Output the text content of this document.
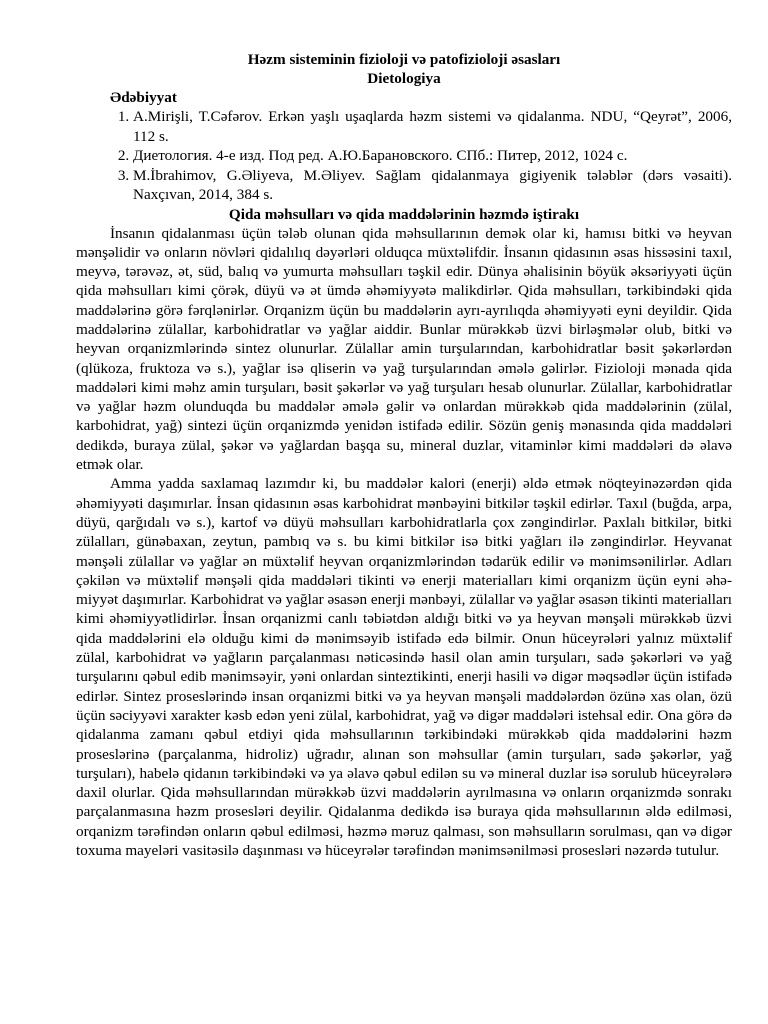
Həzm sisteminin fizioloji və patofizioloji əsasları

Dietologiya

Ədəbiyyat

1. A.Mirişli, T.Cəfərov. Erkən yaşlı uşaqlarda həzm sistemi və qidalanma. NDU, “Qeyrət”, 2006, 112 s.
2. Диетология. 4-е изд. Под ред. А.Ю.Барановского. СПб.: Питер, 2012, 1024 с.
3. M.İbrahimov, G.Əliyeva, M.Əliyev. Sağlam qidalanmaya gigiyenik tələblər (dərs vəsaiti). Naxçıvan, 2014, 384 s.

Qida məhsulları və qida maddələrinin həzmdə iştirakı

İnsanın qidalanması üçün tələb olunan qida məhsullarının demək olar ki, hamısı bitki və heyvan mənşəlidir və onların növləri qidalılıq dəyərləri olduqca müxtəlifdir. İnsanın qidasının əsas hissəsini taxıl, meyvə, tərəvəz, ət, süd, balıq və yumurta məhsulları təşkil edir. Dünya əhalisinin böyük əksəriyyəti üçün qida məhsulları kimi çörək, düyü və ət ümdə əhəmiyyətə malikdirlər. Qida məhsulları, tərkibindəki qida maddələrinə görə fərqlənirlər. Orqanizm üçün bu maddələrin ayrı-ayrılıqda əhəmiyyəti eyni deyildir. Qida maddələrinə zülallar, karbohidratlar və yağlar aiddir. Bunlar mürəkkəb üzvi birləşmələr olub, bitki və heyvan orqanizmlərində sintez olunurlar. Zülallar amin turşularından, karbohidratlar bəsit şəkərlərdən (qlükoza, fruktoza və s.), yağlar isə qliserin və yağ turşularından əmələ gəlirlər. Fizioloji mənada qida maddələri kimi məhz amin turşuları, bəsit şəkərlər və yağ turşuları hesab olunurlar. Zülallar, karbohidratlar və yağlar həzm olunduqda bu maddələr əmələ gəlir və onlardan mürəkkəb qida maddələrinin (zülal, karbohidrat, yağ) sintezi üçün orqanizmdə yenidən istifadə edilir. Sözün geniş mənasında qida maddələri dedikdə, buraya zülal, şəkər və yağlardan başqa su, mineral duzlar, vitaminlər kimi maddələri də əlavə etmək olar.

Amma yadda saxlamaq lazımdır ki, bu maddələr kalori (enerji) əldə etmək nöqteyinəzərdən qida əhəmiyyəti daşımırlar. İnsan qidasının əsas karbohidrat mənbəyini bitkilər təşkil edirlər. Taxıl (buğda, arpa, düyü, qarğıdalı və s.), kartof və düyü məhsulları karbohidratlarla çox zəngindirlər. Paxlalı bitkilər, bitki zülalları, günəbaxan, zeytun, pambıq və s. bu kimi bitkilər isə bitki yağları ilə zəngindirlər. Heyvanat mənşəli zülallar və yağlar ən müxtəlif heyvan orqanizmlərindən tədarük edilir və mənimsənilirlər. Adları çəkilən və müxtəlif mənşəli qida maddələri tikinti və enerji materialları kimi orqanizm üçün eyni əhəmiyyət daşımırlar. Karbohidrat və yağlar əsasən enerji mənbəyi, zülallar və yağlar əsasən tikinti materialları kimi əhəmiyyətlidirlər. İnsan orqanizmi canlı təbiətdən aldığı bitki və ya heyvan mənşəli mürəkkəb üzvi qida maddələrini elə olduğu kimi də mənimsəyib istifadə edə bilmir. Onun hüceyrələri yalnız müxtəlif zülal, karbohidrat və yağların parçalanması nəticəsində hasil olan amin turşuları, sadə şəkərləri və yağ turşularını qəbul edib mənimsəyir, yəni onlardan sinteztikinti, enerji hasili və digər məqsədlər üçün istifadə edirlər. Sintez proseslərində insan orqanizmi bitki və ya heyvan mənşəli maddələrdən özünə xas olan, özü üçün səciyyəvi xarakter kəsb edən yeni zülal, karbohidrat, yağ və digər maddələri istehsal edir. Ona görə də qidalanma zamanı qəbul etdiyi qida məhsullarının tərkibindəki mürəkkəb qida maddələrini həzm proseslərinə (parçalanma, hidroliz) uğradır, alınan son məhsullar (amin turşuları, sadə şəkərlər, yağ turşuları), habelə qidanın tərkibindəki və ya əlavə qəbul edilən su və mineral duzlar isə sorulub hüceyrələrə daxil olurlar. Qida məhsullarından mürəkkəb üzvi maddələrin ayrılmasına və onların orqanizmdə sonrakı parçalanmasına həzm prosesləri deyilir. Qidalanma dedikdə isə buraya qida məhsullarının əldə edilməsi, orqanizm tərəfindən onların qəbul edilməsi, həzmə məruz qalması, son məhsulların sorulması, qan və digər toxuma mayeləri vasitəsilə daşınması və hüceyrələr tərəfindən mənimsənilməsi prosesləri nəzərdə tutulur.
